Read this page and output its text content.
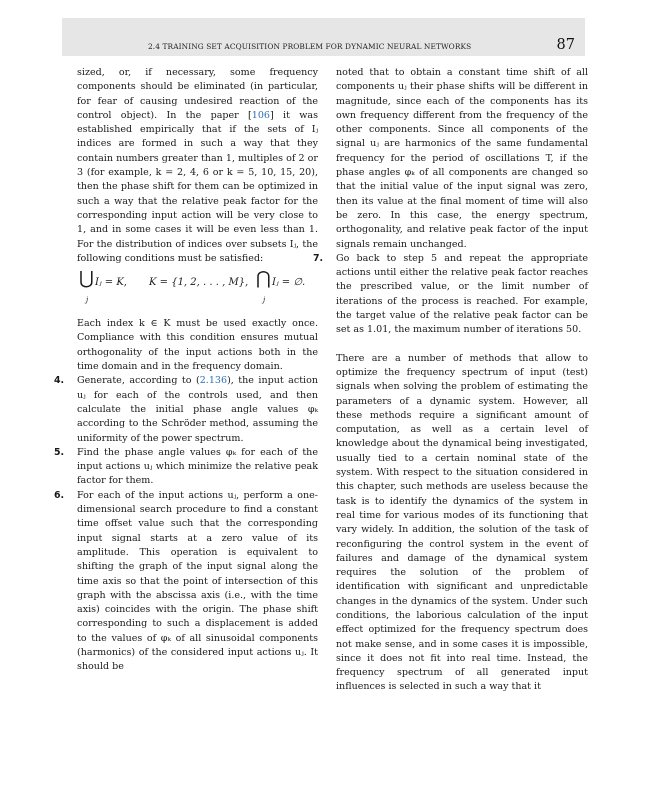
2.4 TRAINING SET ACQUISITION PROBLEM FOR DYNAMIC NEURAL NETWORKS	87

sized, or, if necessary, some frequency components should be eliminated (in particular, for fear of causing undesired reaction of the control object). In the paper [106] it was established empirically that if the sets of Iⱼ indices are formed in such a way that they contain numbers greater than 1, multiples of 2 or 3 (for example, k = 2, 4, 6 or k = 5, 10, 15, 20), then the phase shift for them can be optimized in such a way that the relative peak factor for the corresponding input action will be very close to 1, and in some cases it will be even less than 1. For the distribution of indices over subsets Iⱼ, the following conditions must be satisfied:

⋃ Iⱼ = K,
j
K = {1, 2, . . . , M}, ⋂ Iⱼ = ∅.
j

Each index k ∈ K must be used exactly once. Compliance with this condition ensures mutual orthogonality of the input actions both in the time domain and in the frequency domain.

4. Generate, according to (2.136), the input action uⱼ for each of the controls used, and then calculate the initial phase angle values φₖ according to the Schröder method, assuming the uniformity of the power spectrum.
5. Find the phase angle values φₖ for each of the input actions uⱼ which minimize the relative peak factor for them.
6. For each of the input actions uⱼ, perform a one-dimensional search procedure to find a constant time offset value such that the corresponding input signal starts at a zero value of its amplitude. This operation is equivalent to shifting the graph of the input signal along the time axis so that the point of intersection of this graph with the abscissa axis (i.e., with the time axis) coincides with the origin. The phase shift corresponding to such a displacement is added to the values of φₖ of all sinusoidal components (harmonics) of the considered input actions uⱼ. It should be

noted that to obtain a constant time shift of all components uⱼ their phase shifts will be different in magnitude, since each of the components has its own frequency different from the frequency of the other components. Since all components of the signal uⱼ are harmonics of the same fundamental frequency for the period of oscillations T, if the phase angles φₖ of all components are changed so that the initial value of the input signal was zero, then its value at the final moment of time will also be zero. In this case, the energy spectrum, orthogonality, and relative peak factor of the input signals remain unchanged.

7. Go back to step 5 and repeat the appropriate actions until either the relative peak factor reaches the prescribed value, or the limit number of iterations of the process is reached. For example, the target value of the relative peak factor can be set as 1.01, the maximum number of iterations 50.

There are a number of methods that allow to optimize the frequency spectrum of input (test) signals when solving the problem of estimating the parameters of a dynamic system. However, all these methods require a significant amount of computation, as well as a certain level of knowledge about the dynamical being investigated, usually tied to a certain nominal state of the system. With respect to the situation considered in this chapter, such methods are useless because the task is to identify the dynamics of the system in real time for various modes of its functioning that vary widely. In addition, the solution of the task of reconfiguring the control system in the event of failures and damage of the dynamical system requires the solution of the problem of identification with significant and unpredictable changes in the dynamics of the system. Under such conditions, the laborious calculation of the input effect optimized for the frequency spectrum does not make sense, and in some cases it is impossible, since it does not fit into real time. Instead, the frequency spectrum of all generated input influences is selected in such a way that it
